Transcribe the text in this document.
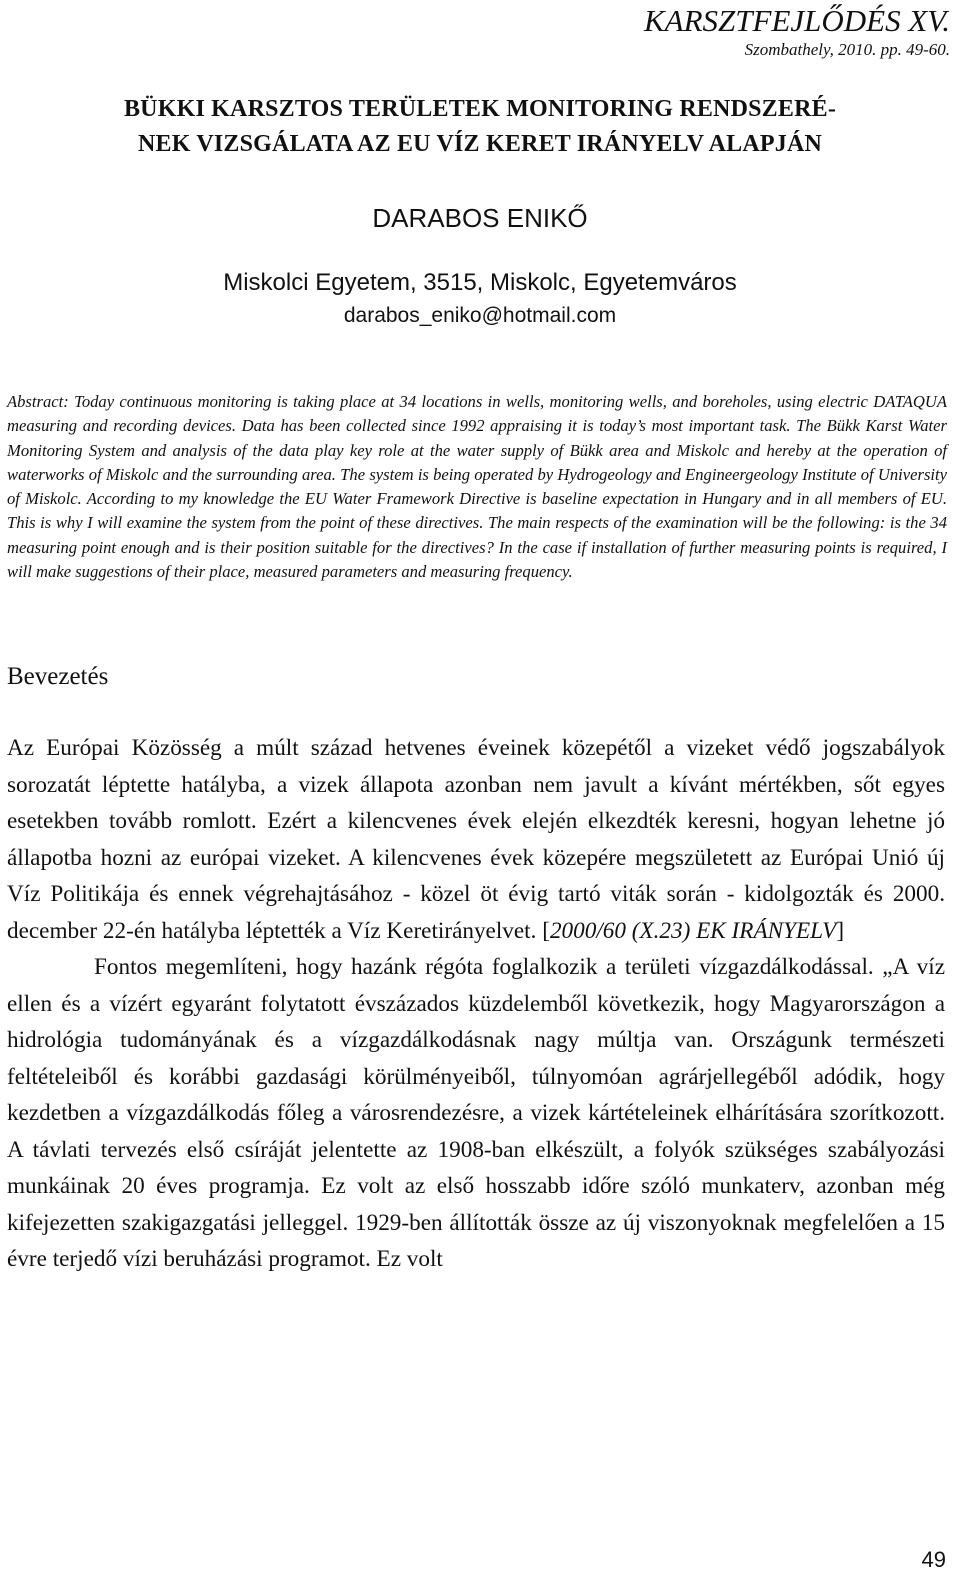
KARSZTFEJLŐDÉS XV.
Szombathely, 2010. pp. 49-60.
BÜKKI KARSZTOS TERÜLETEK MONITORING RENDSZERÉ-
NEK VIZSGÁLATA AZ EU VÍZ KERET IRÁNYELV ALAPJÁN
DARABOS ENIKŐ
Miskolci Egyetem, 3515, Miskolc, Egyetemváros
darabos_eniko@hotmail.com

Abstract: Today continuous monitoring is taking place at 34 locations in wells, monitoring wells, and boreholes, using electric DATAQUA measuring and recording devices. Data has been collected since 1992 appraising it is today’s most important task. The Bükk Karst Water Monitoring System and analysis of the data play key role at the water supply of Bükk area and Miskolc and hereby at the operation of waterworks of Miskolc and the surrounding area. The system is being operated by Hydrogeology and Engineergeology Institute of University of Miskolc. According to my knowledge the EU Water Framework Directive is baseline expectation in Hungary and in all members of EU. This is why I will examine the system from the point of these directives. The main respects of the examination will be the following: is the 34 measuring point enough and is their position suitable for the directives? In the case if installation of further measuring points is required, I will make suggestions of their place, measured parameters and measuring frequency.

Bevezetés

Az Európai Közösség a múlt század hetvenes éveinek közepétől a vizeket védő jogszabályok sorozatát léptette hatályba, a vizek állapota azonban nem javult a kívánt mértékben, sőt egyes esetekben tovább romlott. Ezért a kilencvenes évek elején elkezdték keresni, hogyan lehetne jó állapotba hozni az európai vizeket. A kilencvenes évek közepére megszületett az Európai Unió új Víz Politikája és ennek végrehajtásához - közel öt évig tartó viták során - kidolgozták és 2000. december 22-én hatályba léptették a Víz Keretirányelvet. [2000/60 (X.23) EK IRÁNYELV]

Fontos megemlíteni, hogy hazánk régóta foglalkozik a területi vízgazdálkodással. „A víz ellen és a vízért egyaránt folytatott évszázados küzdelemből következik, hogy Magyarországon a hidrológia tudományának és a vízgazdálkodásnak nagy múltja van. Országunk természeti feltételeiből és korábbi gazdasági körülményeiből, túlnyomóan agrárjellegéből adódik, hogy kezdetben a vízgazdálkodás főleg a városrendezésre, a vizek kártételeinek elhárítására szorítkozott. A távlati tervezés első csíráját jelentette az 1908-ban elkészült, a folyók szükséges szabályozási munkáinak 20 éves programja. Ez volt az első hosszabb időre szóló munkaterv, azonban még kifejezetten szakigazgatási jelleggel. 1929-ben állították össze az új viszonyoknak megfelelően a 15 évre terjedő vízi beruházási programot. Ez volt

49
